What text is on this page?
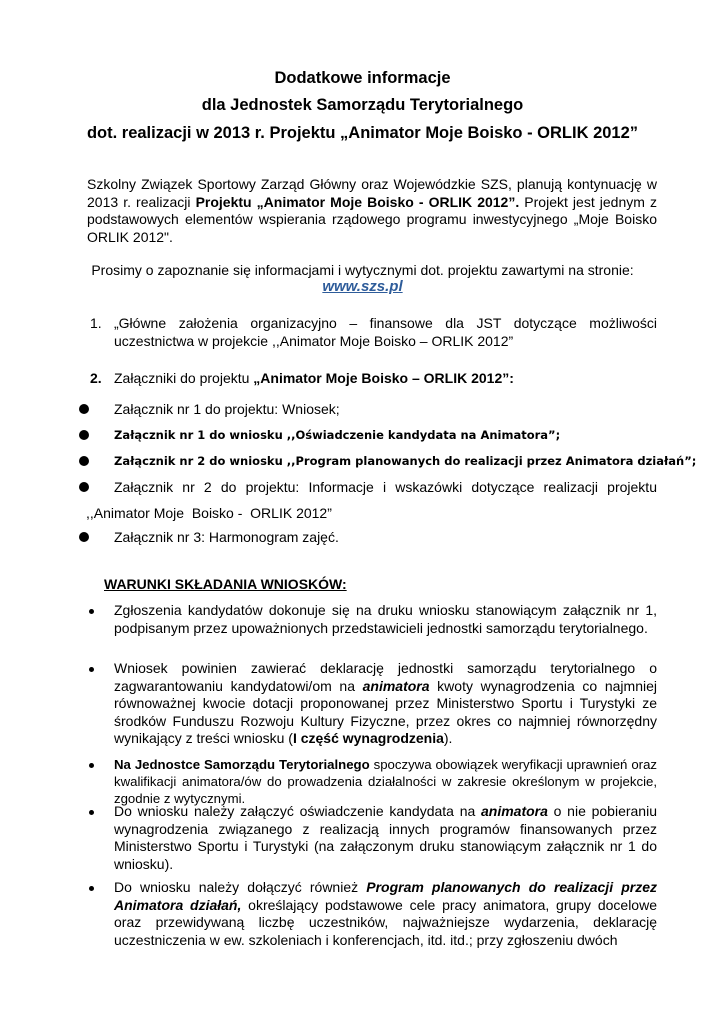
Dodatkowe informacje
dla Jednostek Samorządu Terytorialnego
dot. realizacji w 2013 r. Projektu „Animator Moje Boisko - ORLIK 2012”
Szkolny Związek Sportowy Zarząd Główny oraz Wojewódzkie SZS, planują kontynuację w 2013 r. realizacji Projektu „Animator Moje Boisko - ORLIK 2012”. Projekt jest jednym z podstawowych elementów wspierania rządowego programu inwestycyjnego „Moje Boisko ORLIK 2012".
Prosimy o zapoznanie się informacjami i wytycznymi dot. projektu zawartymi na stronie:
www.szs.pl
1. „Główne założenia organizacyjno – finansowe dla JST dotyczące możliwości uczestnictwa w projekcie ,,Animator Moje Boisko – ORLIK 2012”
2. Załączniki do projektu „Animator Moje Boisko – ORLIK 2012”:
Załącznik nr 1 do projektu: Wniosek;
Załącznik nr 1 do wniosku ,,Oświadczenie kandydata na Animatora”;
Załącznik nr 2 do wniosku ,,Program planowanych do realizacji przez Animatora działań”;
Załącznik nr 2 do projektu: Informacje i wskazówki dotyczące realizacji projektu
,,Animator Moje  Boisko -  ORLIK 2012”
Załącznik nr 3: Harmonogram zajęć.
WARUNKI SKŁADANIA WNIOSKÓW:
Zgłoszenia kandydatów dokonuje się na druku wniosku stanowiącym załącznik nr 1, podpisanym przez upoważnionych przedstawicieli jednostki samorządu terytorialnego.
Wniosek powinien zawierać deklarację jednostki samorządu terytorialnego o zagwarantowaniu kandydatowi/om na animatora kwoty wynagrodzenia co najmniej równoważnej kwocie dotacji proponowanej przez Ministerstwo Sportu i Turystyki ze środków Funduszu Rozwoju Kultury Fizyczne, przez okres co najmniej równorzędny wynikający z treści wniosku (I część wynagrodzenia).
Na Jednostce Samorządu Terytorialnego spoczywa obowiązek weryfikacji uprawnień oraz kwalifikacji animatora/ów do prowadzenia działalności w zakresie określonym w projekcie, zgodnie z wytycznymi.
Do wniosku należy załączyć oświadczenie kandydata na animatora o nie pobieraniu wynagrodzenia związanego z realizacją innych programów finansowanych przez Ministerstwo Sportu i Turystyki (na załączonym druku stanowiącym załącznik nr 1 do wniosku).
Do wniosku należy dołączyć również Program planowanych do realizacji przez Animatora działań, określający podstawowe cele pracy animatora, grupy docelowe oraz przewidywaną liczbę uczestników, najważniejsze wydarzenia, deklarację uczestniczenia w ew. szkoleniach i konferencjach, itd. itd.; przy zgłoszeniu dwóch
